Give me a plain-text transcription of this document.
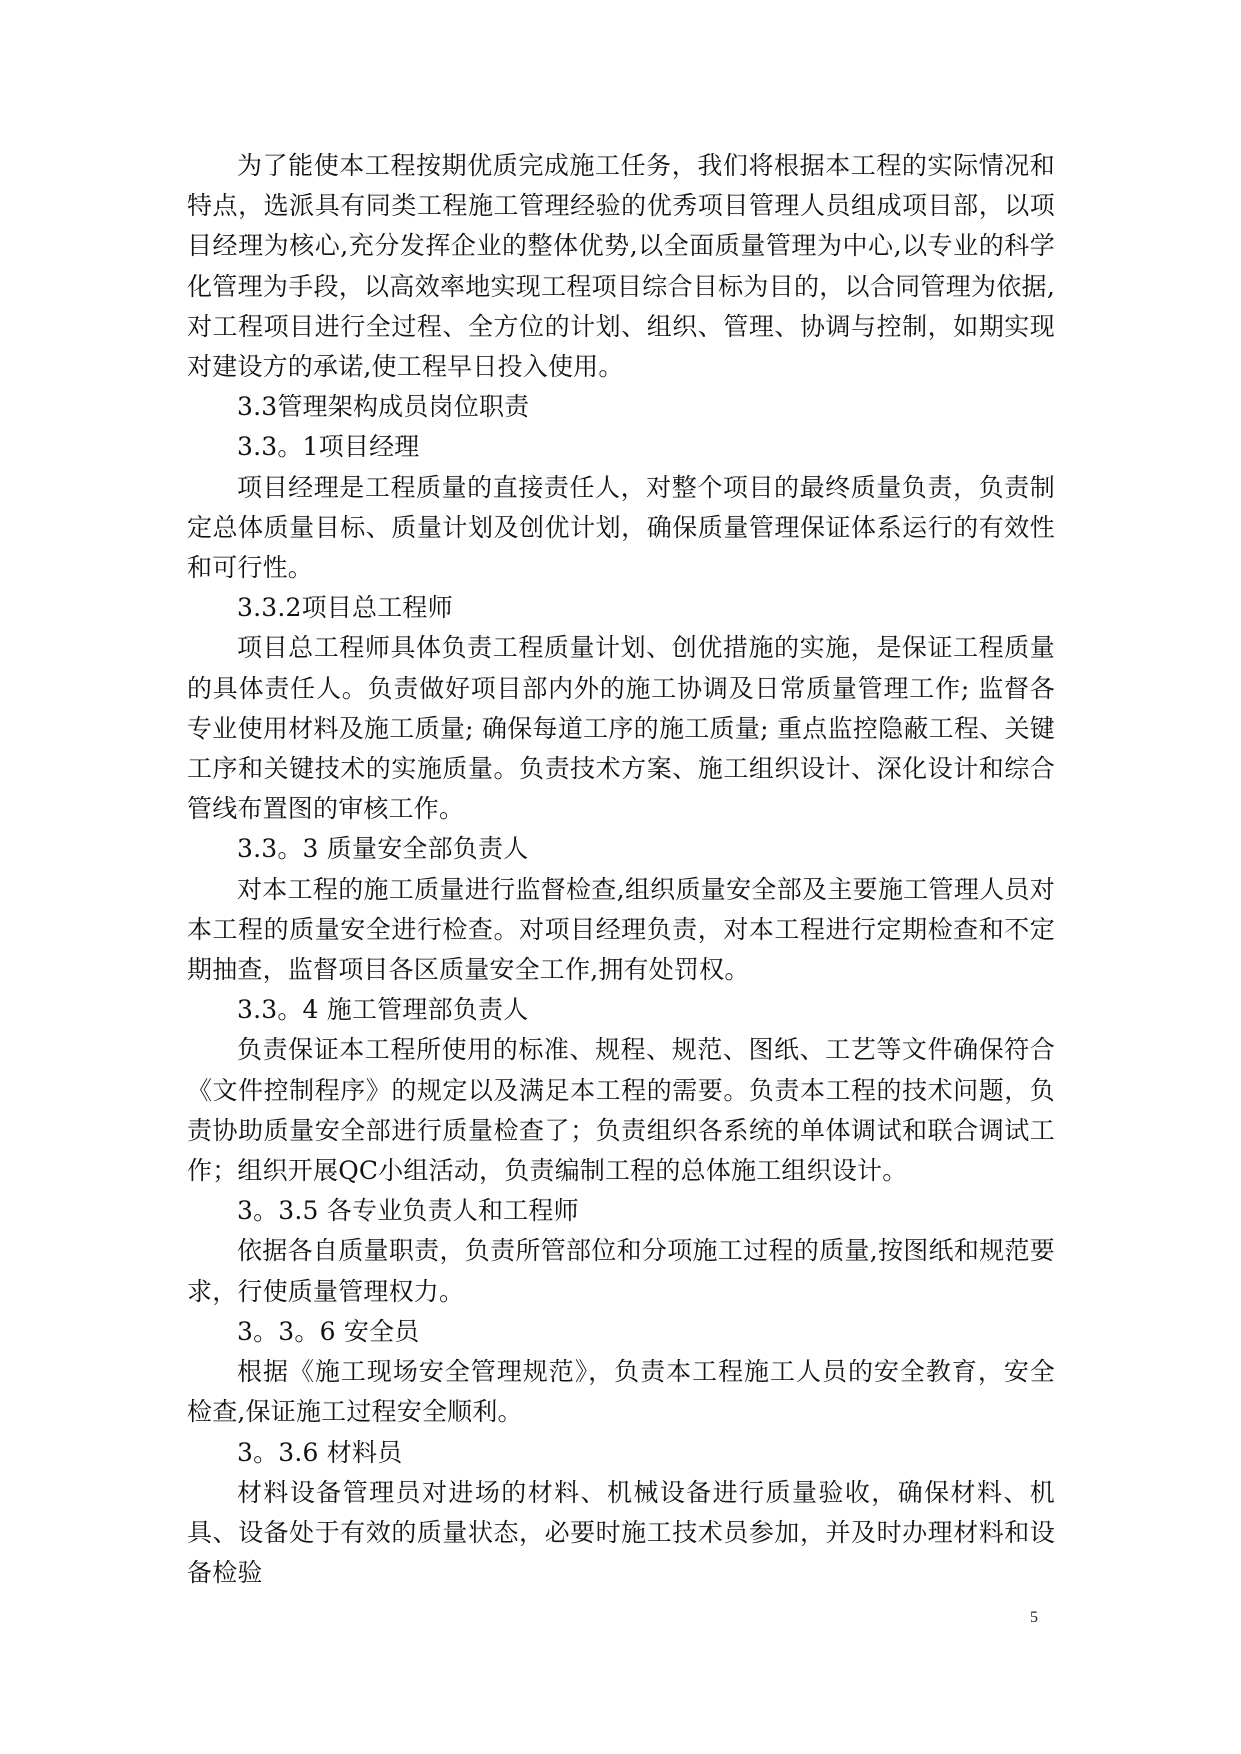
为了能使本工程按期优质完成施工任务，我们将根据本工程的实际情况和特点，选派具有同类工程施工管理经验的优秀项目管理人员组成项目部，以项目经理为核心,充分发挥企业的整体优势,以全面质量管理为中心,以专业的科学化管理为手段，以高效率地实现工程项目综合目标为目的，以合同管理为依据,对工程项目进行全过程、全方位的计划、组织、管理、协调与控制，如期实现对建设方的承诺,使工程早日投入使用。

3.3管理架构成员岗位职责
3.3。1项目经理

项目经理是工程质量的直接责任人，对整个项目的最终质量负责，负责制定总体质量目标、质量计划及创优计划，确保质量管理保证体系运行的有效性和可行性。

3.3.2项目总工程师

项目总工程师具体负责工程质量计划、创优措施的实施，是保证工程质量的具体责任人。负责做好项目部内外的施工协调及日常质量管理工作; 监督各专业使用材料及施工质量; 确保每道工序的施工质量; 重点监控隐蔽工程、关键工序和关键技术的实施质量。负责技术方案、施工组织设计、深化设计和综合管线布置图的审核工作。

3.3。3 质量安全部负责人

对本工程的施工质量进行监督检查,组织质量安全部及主要施工管理人员对本工程的质量安全进行检查。对项目经理负责，对本工程进行定期检查和不定期抽查，监督项目各区质量安全工作,拥有处罚权。

3.3。4 施工管理部负责人

负责保证本工程所使用的标准、规程、规范、图纸、工艺等文件确保符合《文件控制程序》的规定以及满足本工程的需要。负责本工程的技术问题，负责协助质量安全部进行质量检查了；负责组织各系统的单体调试和联合调试工作；组织开展QC小组活动，负责编制工程的总体施工组织设计。

3。3.5 各专业负责人和工程师

依据各自质量职责，负责所管部位和分项施工过程的质量,按图纸和规范要求，行使质量管理权力。

3。3。6 安全员

根据《施工现场安全管理规范》，负责本工程施工人员的安全教育，安全检查,保证施工过程安全顺利。

3。3.6 材料员

材料设备管理员对进场的材料、机械设备进行质量验收，确保材料、机具、设备处于有效的质量状态，必要时施工技术员参加，并及时办理材料和设备检验

5
